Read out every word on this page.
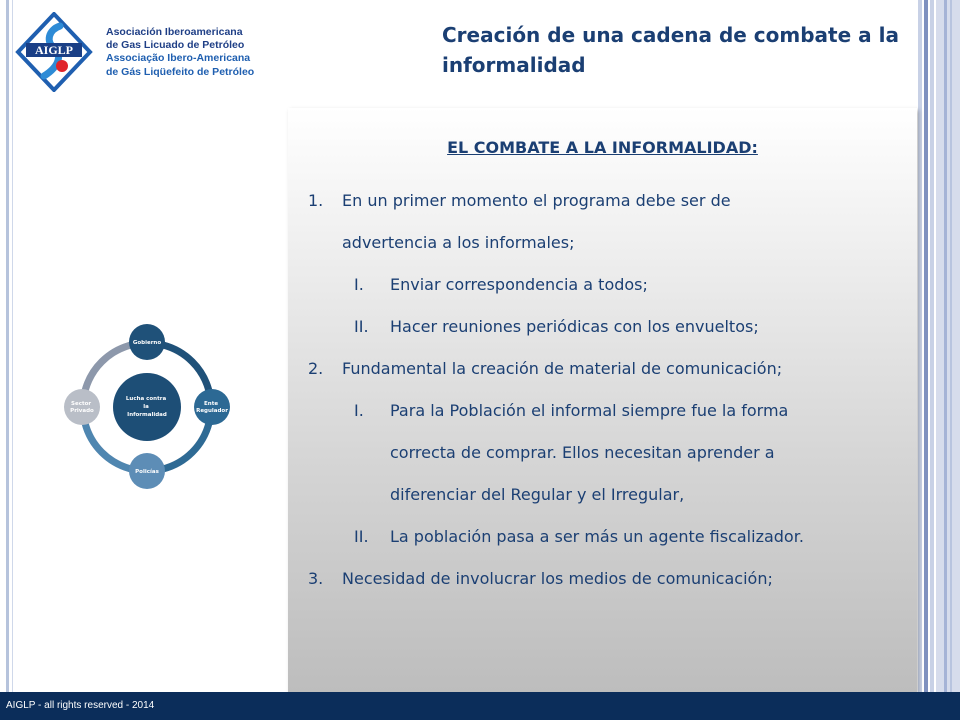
AIGLP
Asociación Iberoamericana
de Gas Licuado de Petróleo
Associação Ibero-Americana
de Gás Liqüefeito de Petróleo
Creación de una cadena de combate a la informalidad
Lucha contra la Informalidad
Gobierno
Ente Regulador
Policías
Sector Privado
EL COMBATE A LA INFORMALIDAD:
1. En un primer momento el programa debe ser de
advertencia a los informales;
I. Enviar correspondencia a todos;
II. Hacer reuniones periódicas con los envueltos;
2. Fundamental la creación de material de comunicación;
I. Para la Población el informal siempre fue la forma
correcta de comprar. Ellos necesitan aprender a
diferenciar del Regular y el Irregular,
II. La población pasa a ser más un agente fiscalizador.
3. Necesidad de involucrar los medios de comunicación;
AIGLP - all rights reserved - 2014
